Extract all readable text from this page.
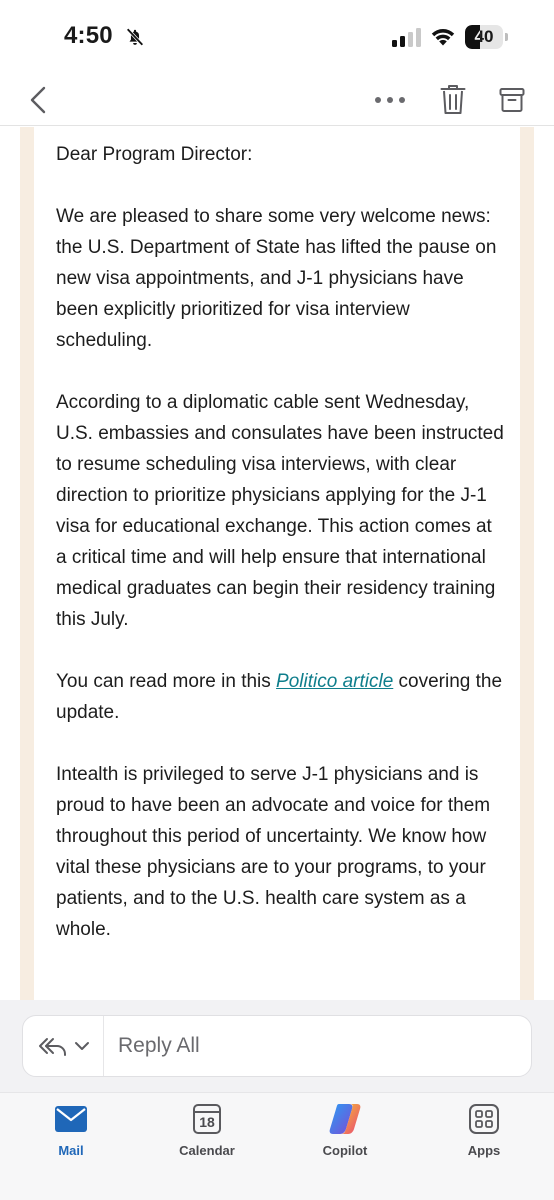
4:50	40

Dear Program Director:

We are pleased to share some very welcome news: the U.S. Department of State has lifted the pause on new visa appointments, and J-1 physicians have been explicitly prioritized for visa interview scheduling.

According to a diplomatic cable sent Wednesday, U.S. embassies and consulates have been instructed to resume scheduling visa interviews, with clear direction to prioritize physicians applying for the J-1 visa for educational exchange. This action comes at a critical time and will help ensure that international medical graduates can begin their residency training this July.

You can read more in this Politico article covering the update.

Intealth is privileged to serve J-1 physicians and is proud to have been an advocate and voice for them throughout this period of uncertainty. We know how vital these physicians are to your programs, to your patients, and to the U.S. health care system as a whole.

Reply All
Mail
18
Calendar	Copilot	Apps
